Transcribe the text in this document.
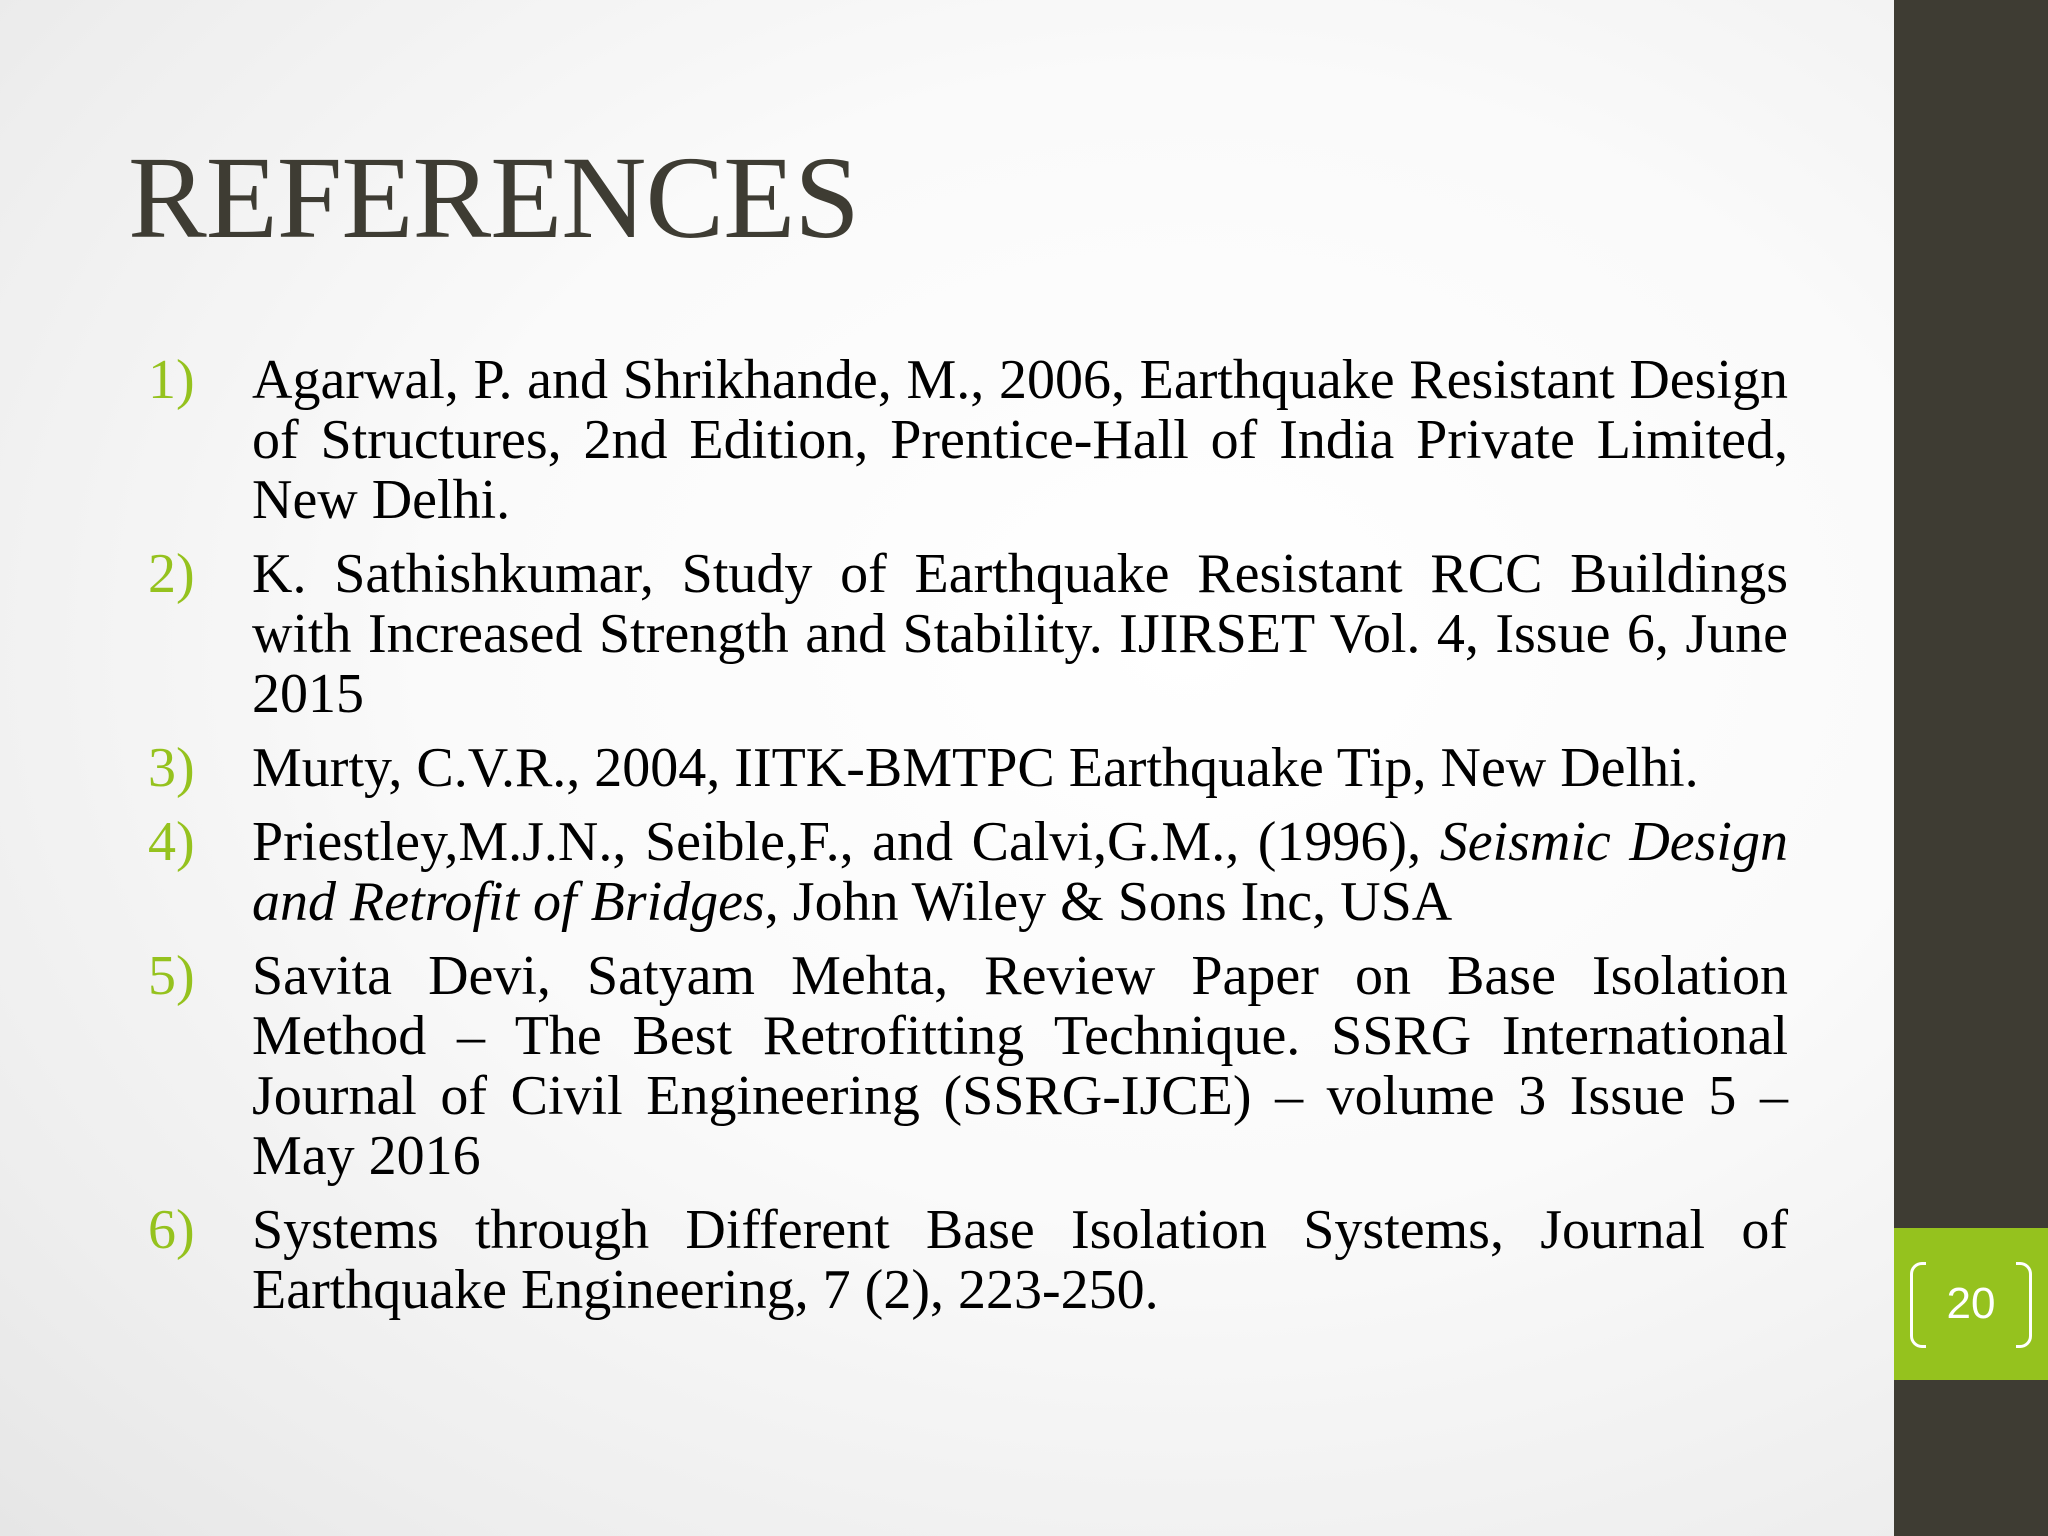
REFERENCES
1) Agarwal, P. and Shrikhande, M., 2006, Earthquake Resistant Design of Structures, 2nd Edition, Prentice-Hall of India Private Limited, New Delhi.
2) K. Sathishkumar, Study of Earthquake Resistant RCC Buildings with Increased Strength and Stability. IJIRSET Vol. 4, Issue 6, June 2015
3) Murty, C.V.R., 2004, IITK-BMTPC Earthquake Tip, New Delhi.
4) Priestley,M.J.N., Seible,F., and Calvi,G.M., (1996), Seismic Design and Retrofit of Bridges, John Wiley & Sons Inc, USA
5) Savita Devi, Satyam Mehta, Review Paper on Base Isolation Method – The Best Retrofitting Technique. SSRG International Journal of Civil Engineering (SSRG-IJCE) – volume 3 Issue 5 – May 2016
6) Systems through Different Base Isolation Systems, Journal of Earthquake Engineering, 7 (2), 223-250.	20
